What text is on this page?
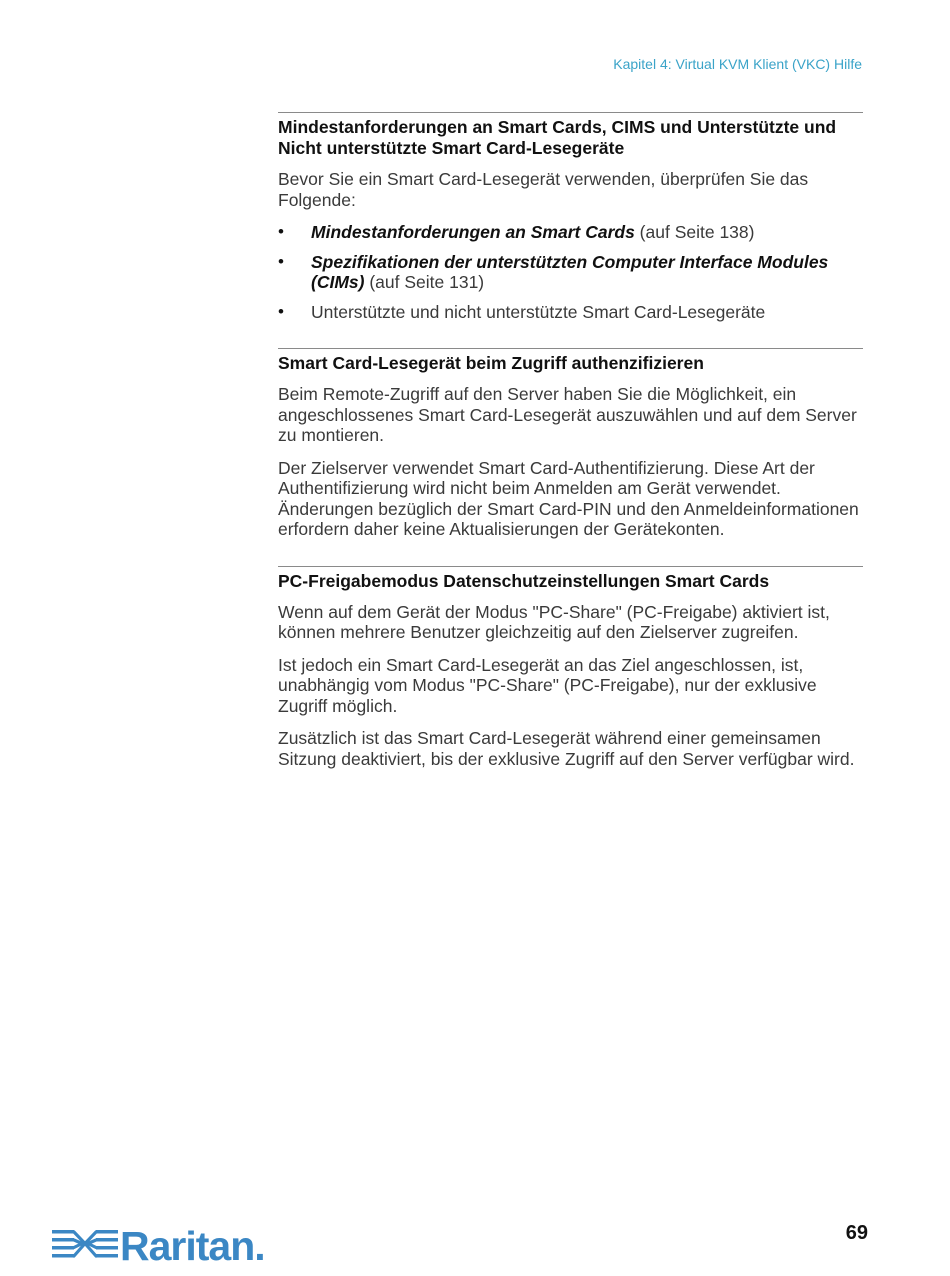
Kapitel 4: Virtual KVM Klient (VKC) Hilfe
Mindestanforderungen an Smart Cards, CIMS und Unterstützte und Nicht unterstützte Smart Card-Lesegeräte

Bevor Sie ein Smart Card-Lesegerät verwenden, überprüfen Sie das Folgende:

• Mindestanforderungen an Smart Cards (auf Seite 138)
• Spezifikationen der unterstützten Computer Interface Modules (CIMs) (auf Seite 131)
• Unterstützte und nicht unterstützte Smart Card-Lesegeräte
Smart Card-Lesegerät beim Zugriff authenzifizieren

Beim Remote-Zugriff auf den Server haben Sie die Möglichkeit, ein angeschlossenes Smart Card-Lesegerät auszuwählen und auf dem Server zu montieren.

Der Zielserver verwendet Smart Card-Authentifizierung. Diese Art der Authentifizierung wird nicht beim Anmelden am Gerät verwendet. Änderungen bezüglich der Smart Card-PIN und den Anmeldeinformationen erfordern daher keine Aktualisierungen der Gerätekonten.

PC-Freigabemodus Datenschutzeinstellungen Smart Cards

Wenn auf dem Gerät der Modus "PC-Share" (PC-Freigabe) aktiviert ist, können mehrere Benutzer gleichzeitig auf den Zielserver zugreifen.

Ist jedoch ein Smart Card-Lesegerät an das Ziel angeschlossen, ist, unabhängig vom Modus "PC-Share" (PC-Freigabe), nur der exklusive Zugriff möglich.

Zusätzlich ist das Smart Card-Lesegerät während einer gemeinsamen Sitzung deaktiviert, bis der exklusive Zugriff auf den Server verfügbar wird.

Raritan.	69
